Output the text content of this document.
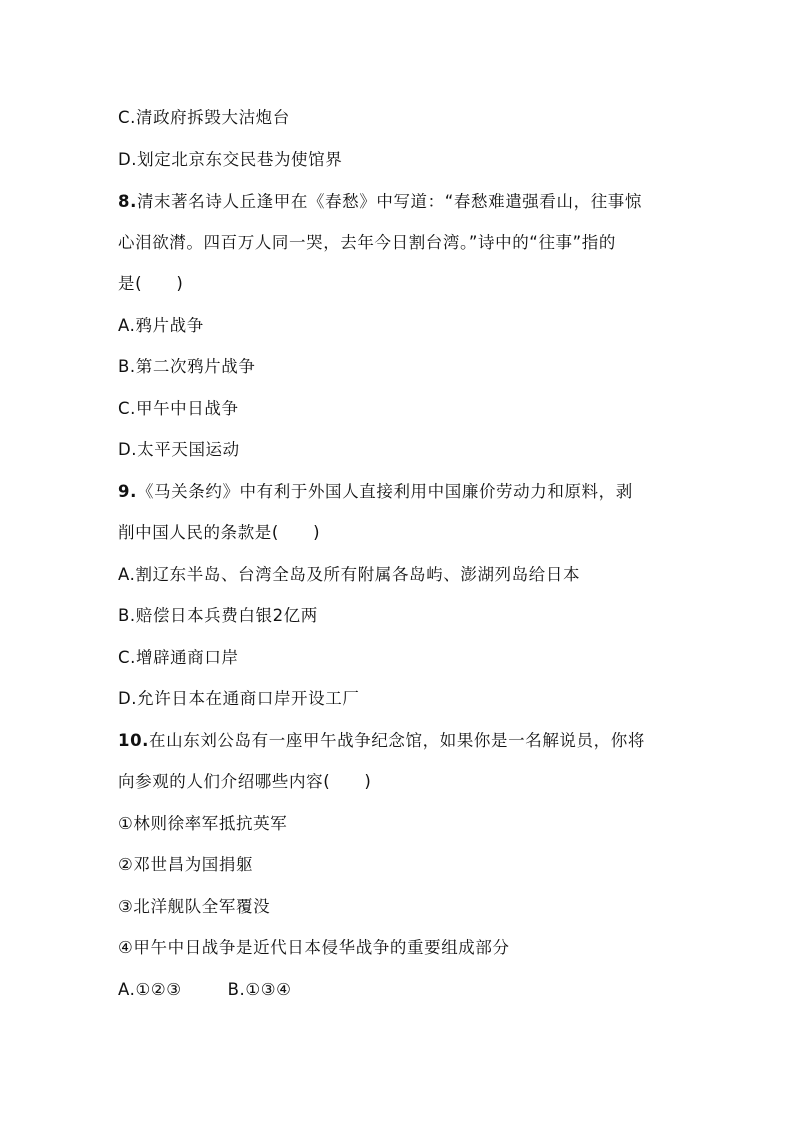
C.清政府拆毁大沽炮台
D.划定北京东交民巷为使馆界
8.清末著名诗人丘逢甲在《春愁》中写道：“春愁难遣强看山，往事惊
心泪欲潸。四百万人同一哭，去年今日割台湾。”诗中的“往事”指的
是(　　)
A.鸦片战争
B.第二次鸦片战争
C.甲午中日战争
D.太平天国运动
9.《马关条约》中有利于外国人直接利用中国廉价劳动力和原料，剥
削中国人民的条款是(　　)
A.割辽东半岛、台湾全岛及所有附属各岛屿、澎湖列岛给日本
B.赔偿日本兵费白银2亿两
C.增辟通商口岸
D.允许日本在通商口岸开设工厂
10.在山东刘公岛有一座甲午战争纪念馆，如果你是一名解说员，你将
向参观的人们介绍哪些内容(　　)
①林则徐率军抵抗英军
②邓世昌为国捐躯
③北洋舰队全军覆没
④甲午中日战争是近代日本侵华战争的重要组成部分
A.①②③	B.①③④
